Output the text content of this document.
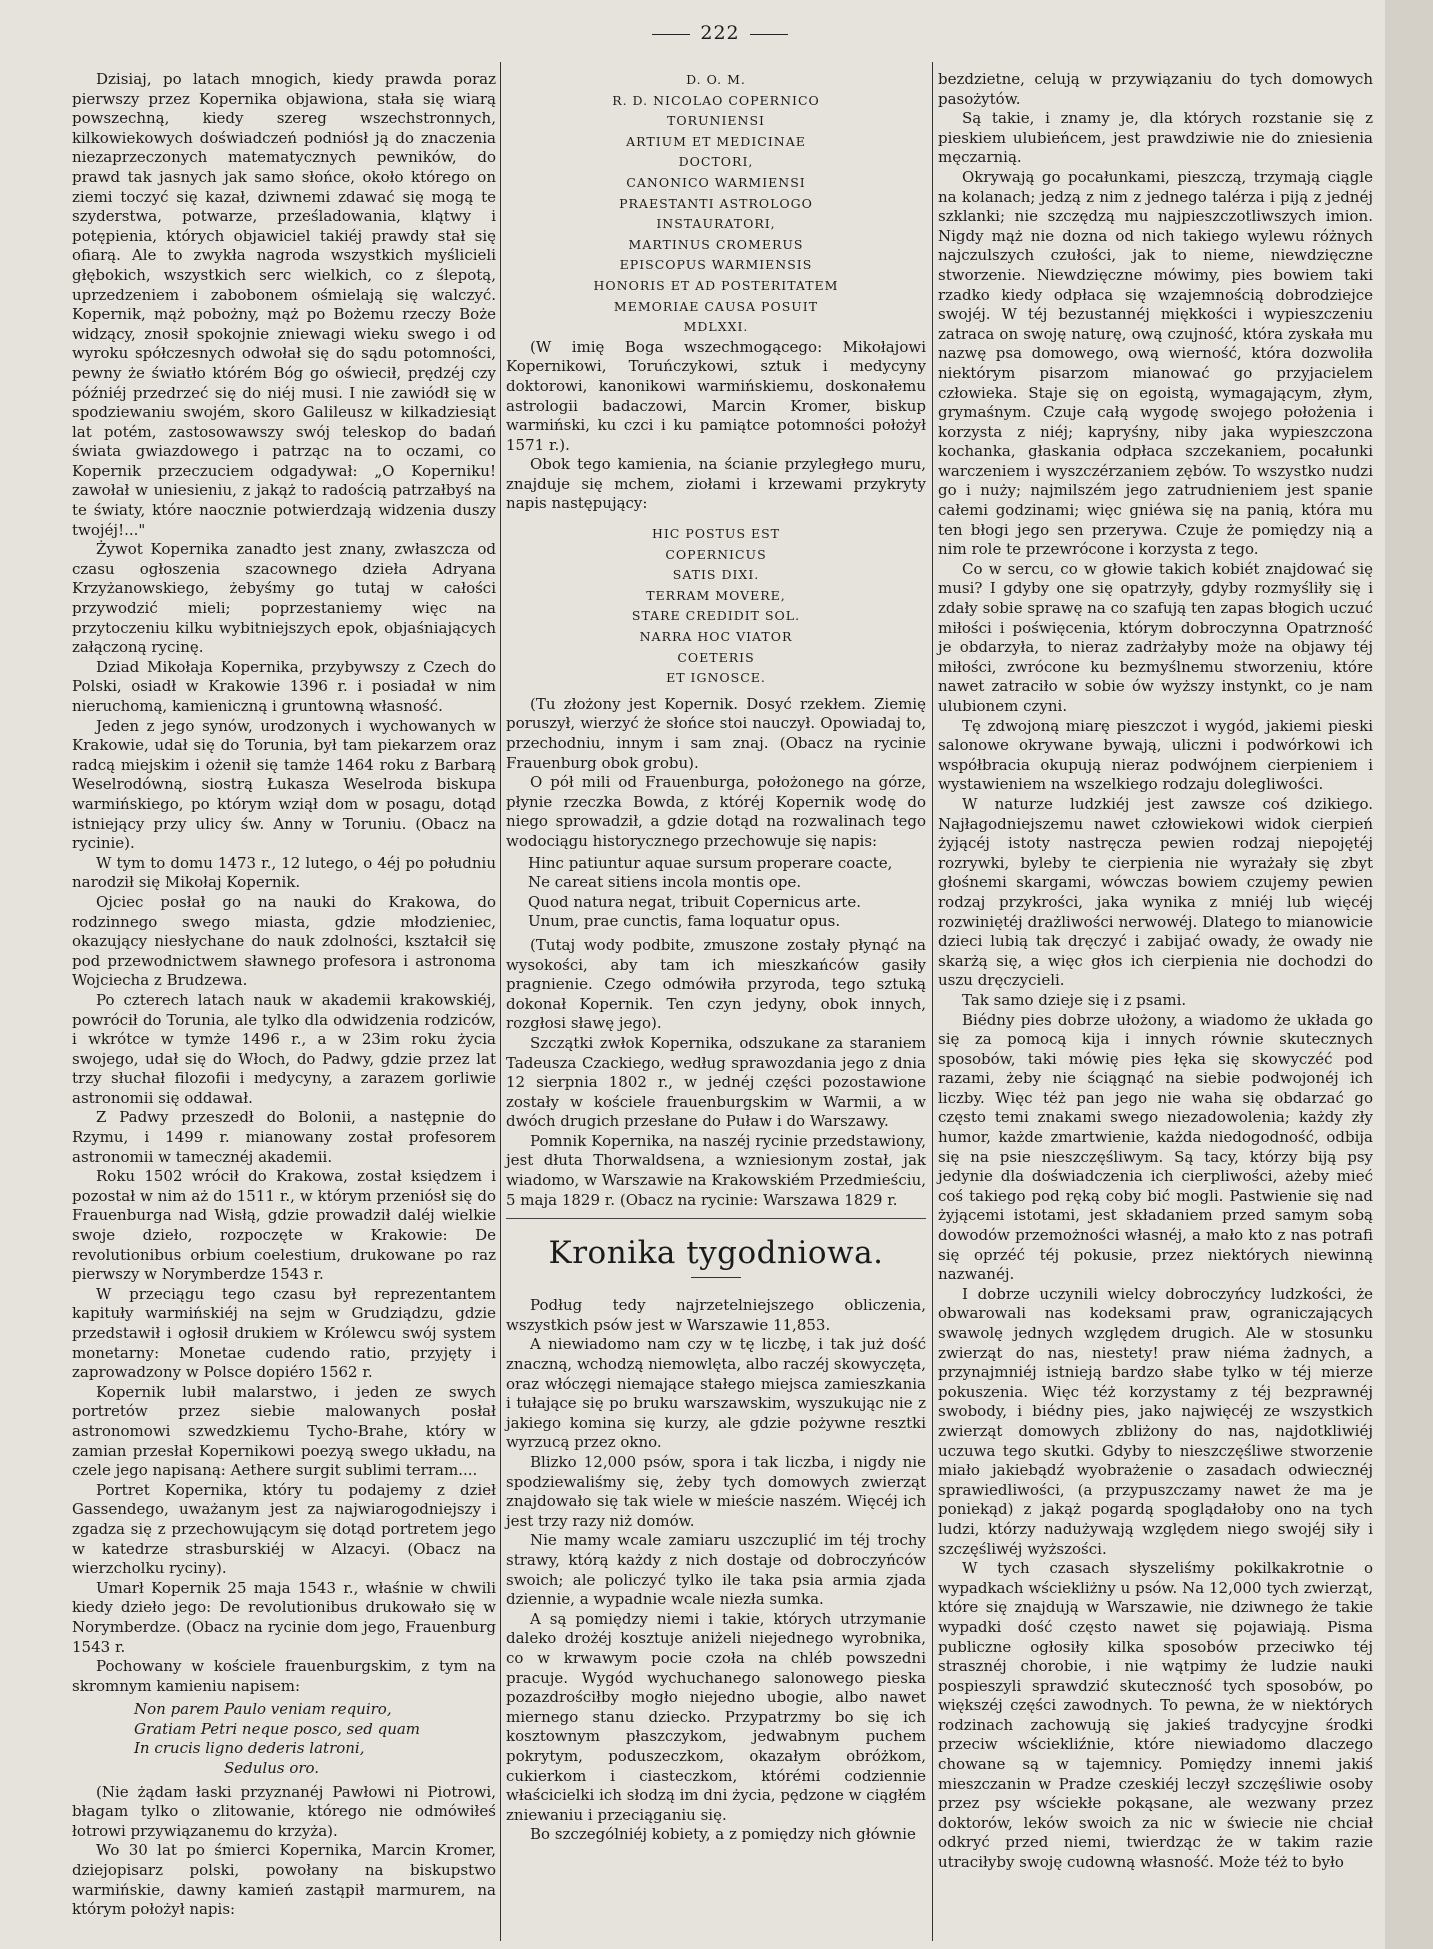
222

Dzisiaj, po latach mnogich, kiedy prawda poraz pierwszy przez Kopernika objawiona, stała się wiarą powszechną, kiedy szereg wszechstronnych, kilkowiekowych doświadczeń podniósł ją do znaczenia niezaprzeczonych matematycznych pewników, do prawd tak jasnych jak samo słońce, około którego on ziemi toczyć się kazał, dziwnemi zdawać się mogą te szyderstwa, potwarze, prześladowania, klątwy i potępienia, których objawiciel takiéj prawdy stał się ofiarą. Ale to zwykła nagroda wszystkich myślicieli głębokich, wszystkich serc wielkich, co z ślepotą, uprzedzeniem i zabobonem ośmielają się walczyć. Kopernik, mąż pobożny, mąż po Bożemu rzeczy Boże widzący, znosił spokojnie zniewagi wieku swego i od wyroku spółczesnych odwołał się do sądu potomności, pewny że światło którém Bóg go oświecił, prędzéj czy późniéj przedrzeć się do niéj musi. I nie zawiódł się w spodziewaniu swojém, skoro Galileusz w kilkadziesiąt lat potém, zastosowawszy swój teleskop do badań świata gwiazdowego i patrząc na to oczami, co Kopernik przeczuciem odgadywał: „O Koperniku! zawołał w uniesieniu, z jakąż to radością patrzałbyś na te światy, które naocznie potwierdzają widzenia duszy twojéj!..."

Żywot Kopernika zanadto jest znany, zwłaszcza od czasu ogłoszenia szacownego dzieła Adryana Krzyżanowskiego, żebyśmy go tutaj w całości przywodzić mieli; poprzestaniemy więc na przytoczeniu kilku wybitniejszych epok, objaśniających załączoną rycinę.

Dziad Mikołaja Kopernika, przybywszy z Czech do Polski, osiadł w Krakowie 1396 r. i posiadał w nim nieruchomą, kamieniczną i gruntowną własność.

Jeden z jego synów, urodzonych i wychowanych w Krakowie, udał się do Torunia, był tam piekarzem oraz radcą miejskim i ożenił się tamże 1464 roku z Barbarą Weselrodówną, siostrą Łukasza Weselroda biskupa warmińskiego, po którym wziął dom w posagu, dotąd istniejący przy ulicy św. Anny w Toruniu. (Obacz na rycinie).

W tym to domu 1473 r., 12 lutego, o 4éj po południu narodził się Mikołaj Kopernik.

Ojciec posłał go na nauki do Krakowa, do rodzinnego swego miasta, gdzie młodzieniec, okazujący niesłychane do nauk zdolności, kształcił się pod przewodnictwem sławnego profesora i astronoma Wojciecha z Brudzewa.

Po czterech latach nauk w akademii krakowskiéj, powrócił do Torunia, ale tylko dla odwidzenia rodziców, i wkrótce w tymże 1496 r., a w 23im roku życia swojego, udał się do Włoch, do Padwy, gdzie przez lat trzy słuchał filozofii i medycyny, a zarazem gorliwie astronomii się oddawał.

Z Padwy przeszedł do Bolonii, a następnie do Rzymu, i 1499 r. mianowany został profesorem astronomii w tamecznéj akademii.

Roku 1502 wrócił do Krakowa, został księdzem i pozostał w nim aż do 1511 r., w którym przeniósł się do Frauenburga nad Wisłą, gdzie prowadził daléj wielkie swoje dzieło, rozpoczęte w Krakowie: De revolutionibus orbium coelestium, drukowane po raz pierwszy w Norymberdze 1543 r.

W przeciągu tego czasu był reprezentantem kapituły warmińskiéj na sejm w Grudziądzu, gdzie przedstawił i ogłosił drukiem w Królewcu swój system monetarny: Monetae cudendo ratio, przyjęty i zaprowadzony w Polsce dopiéro 1562 r.

Kopernik lubił malarstwo, i jeden ze swych portretów przez siebie malowanych posłał astronomowi szwedzkiemu Tycho-Brahe, który w zamian przesłał Kopernikowi poezyą swego układu, na czele jego napisaną: Aethere surgit sublimi terram....

Portret Kopernika, który tu podajemy z dzieł Gassendego, uważanym jest za najwiarogodniejszy i zgadza się z przechowującym się dotąd portretem jego w katedrze strasburskiéj w Alzacyi. (Obacz na wierzcholku ryciny).

Umarł Kopernik 25 maja 1543 r., właśnie w chwili kiedy dzieło jego: De revolutionibus drukowało się w Norymberdze. (Obacz na rycinie dom jego, Frauenburg 1543 r.

Pochowany w kościele frauenburgskim, z tym na skromnym kamieniu napisem:

Non parem Paulo veniam requiro,
Gratiam Petri neque posco, sed quam
In crucis ligno dederis latroni,
Sedulus oro.

(Nie żądam łaski przyznanéj Pawłowi ni Piotrowi, błagam tylko o zlitowanie, którego nie odmówiłeś łotrowi przywiązanemu do krzyża).

Wo 30 lat po śmierci Kopernika, Marcin Kromer, dziejopisarz polski, powołany na biskupstwo warmińskie, dawny kamień zastąpił marmurem, na którym położył napis:

D. O. M.
R. D. NICOLAO COPERNICO
TORUNIENSI
ARTIUM ET MEDICINAE
DOCTORI,
CANONICO WARMIENSI
PRAESTANTI ASTROLOGO
INSTAURATORI,
MARTINUS CROMERUS
EPISCOPUS WARMIENSIS
HONORIS ET AD POSTERITATEM
MEMORIAE CAUSA POSUIT
MDLXXI.

(W imię Boga wszechmogącego: Mikołajowi Kopernikowi, Toruńczykowi, sztuk i medycyny doktorowi, kanonikowi warmińskiemu, doskonałemu astrologii badaczowi, Marcin Kromer, biskup warmiński, ku czci i ku pamiątce potomności położył 1571 r.).

Obok tego kamienia, na ścianie przyległego muru, znajduje się mchem, ziołami i krzewami przykryty napis następujący:

HIC POSTUS EST
COPERNICUS
SATIS DIXI.
TERRAM MOVERE,
STARE CREDIDIT SOL.
NARRA HOC VIATOR
COETERIS
ET IGNOSCE.

(Tu złożony jest Kopernik. Dosyć rzekłem. Ziemię poruszył, wierzyć że słońce stoi nauczył. Opowiadaj to, przechodniu, innym i sam znaj. (Obacz na rycinie Frauenburg obok grobu).

O pół mili od Frauenburga, położonego na górze, płynie rzeczka Bowda, z któréj Kopernik wodę do niego sprowadził, a gdzie dotąd na rozwalinach tego wodociągu historycznego przechowuje się napis:

Hinc patiuntur aquae sursum properare coacte,
Ne careat sitiens incola montis ope.
Quod natura negat, tribuit Copernicus arte.
Unum, prae cunctis, fama loquatur opus.

(Tutaj wody podbite, zmuszone zostały płynąć na wysokości, aby tam ich mieszkańców gasiły pragnienie. Czego odmówiła przyroda, tego sztuką dokonał Kopernik. Ten czyn jedyny, obok innych, rozgłosi sławę jego).

Szczątki zwłok Kopernika, odszukane za staraniem Tadeusza Czackiego, według sprawozdania jego z dnia 12 sierpnia 1802 r., w jednéj części pozostawione zostały w kościele frauenburgskim w Warmii, a w dwóch drugich przesłane do Puław i do Warszawy.

Pomnik Kopernika, na naszéj rycinie przedstawiony, jest dłuta Thorwaldsena, a wzniesionym został, jak wiadomo, w Warszawie na Krakowskiém Przedmieściu, 5 maja 1829 r. (Obacz na rycinie: Warszawa 1829 r.

Kronika tygodniowa.

Podług tedy najrzetelniejszego obliczenia, wszystkich psów jest w Warszawie 11,853.

A niewiadomo nam czy w tę liczbę, i tak już dość znaczną, wchodzą niemowlęta, albo raczéj skowyczęta, oraz włóczęgi niemające stałego miejsca zamieszkania i tułające się po bruku warszawskim, wyszukując nie z jakiego komina się kurzy, ale gdzie pożywne resztki wyrzucą przez okno.

Blizko 12,000 psów, spora i tak liczba, i nigdy nie spodziewaliśmy się, żeby tych domowych zwierząt znajdowało się tak wiele w mieście naszém. Więcéj ich jest trzy razy niż domów.

Nie mamy wcale zamiaru uszczuplić im téj trochy strawy, którą każdy z nich dostaje od dobroczyńców swoich; ale policzyć tylko ile taka psia armia zjada dziennie, a wypadnie wcale niezła sumka.

A są pomiędzy niemi i takie, których utrzymanie daleko drożéj kosztuje aniżeli niejednego wyrobnika, co w krwawym pocie czoła na chléb powszedni pracuje. Wygód wychuchanego salonowego pieska pozazdrościłby mogło niejedno ubogie, albo nawet miernego stanu dziecko. Przypatrzmy bo się ich kosztownym płaszczykom, jedwabnym puchem pokrytym, poduszeczkom, okazałym obróżkom, cukierkom i ciasteczkom, którémi codziennie właścicielki ich słodzą im dni życia, pędzone w ciągłém zniewaniu i przeciąganiu się.

Bo szczególniéj kobiety, a z pomiędzy nich głównie

bezdzietne, celują w przywiązaniu do tych domowych pasożytów.

Są takie, i znamy je, dla których rozstanie się z pieskiem ulubieńcem, jest prawdziwie nie do zniesienia męczarnią.

Okrywają go pocałunkami, pieszczą, trzymają ciągle na kolanach; jedzą z nim z jednego talérza i piją z jednéj szklanki; nie szczędzą mu najpieszczotliwszych imion. Nigdy mąż nie dozna od nich takiego wylewu różnych najczulszych czułości, jak to nieme, niewdzięczne stworzenie. Niewdzięczne mówimy, pies bowiem taki rzadko kiedy odpłaca się wzajemnością dobrodziejce swojéj. W téj bezustannéj miękkości i wypieszczeniu zatraca on swoję naturę, ową czujność, która zyskała mu nazwę psa domowego, ową wierność, która dozwoliła niektórym pisarzom mianować go przyjacielem człowieka. Staje się on egoistą, wymagającym, złym, grymaśnym. Czuje całą wygodę swojego położenia i korzysta z niéj; kapryśny, niby jaka wypieszczona kochanka, głaskania odpłaca szczekaniem, pocałunki warczeniem i wyszczérzaniem zębów. To wszystko nudzi go i nuży; najmilszém jego zatrudnieniem jest spanie całemi godzinami; więc gniéwa się na panią, która mu ten błogi jego sen przerywa. Czuje że pomiędzy nią a nim role te przewrócone i korzysta z tego.

Co w sercu, co w głowie takich kobiét znajdować się musi? I gdyby one się opatrzyły, gdyby rozmyśliły się i zdały sobie sprawę na co szafują ten zapas błogich uczuć miłości i poświęcenia, którym dobroczynna Opatrzność je obdarzyła, to nieraz zadrżałyby może na objawy téj miłości, zwrócone ku bezmyślnemu stworzeniu, które nawet zatraciło w sobie ów wyższy instynkt, co je nam ulubionem czyni.

Tę zdwojoną miarę pieszczot i wygód, jakiemi pieski salonowe okrywane bywają, uliczni i podwórkowi ich współbracia okupują nieraz podwójnem cierpieniem i wystawieniem na wszelkiego rodzaju dolegliwości.

W naturze ludzkiéj jest zawsze coś dzikiego. Najłagodniejszemu nawet człowiekowi widok cierpień żyjącéj istoty nastręcza pewien rodzaj niepojętéj rozrywki, byleby te cierpienia nie wyrażały się zbyt głośnemi skargami, wówczas bowiem czujemy pewien rodzaj przykrości, jaka wynika z mniéj lub więcéj rozwiniętéj drażliwości nerwowéj. Dlatego to mianowicie dzieci lubią tak dręczyć i zabijać owady, że owady nie skarżą się, a więc głos ich cierpienia nie dochodzi do uszu dręczycieli.

Tak samo dzieje się i z psami.

Biédny pies dobrze ułożony, a wiadomo że układa go się za pomocą kija i innych równie skutecznych sposobów, taki mówię pies łęka się skowyczéć pod razami, żeby nie ściągnąć na siebie podwojonéj ich liczby. Więc téż pan jego nie waha się obdarzać go często temi znakami swego niezadowolenia; każdy zły humor, każde zmartwienie, każda niedogodność, odbija się na psie nieszczęśliwym. Są tacy, którzy biją psy jedynie dla doświadczenia ich cierpliwości, ażeby mieć coś takiego pod ręką coby bić mogli. Pastwienie się nad żyjącemi istotami, jest składaniem przed samym sobą dowodów przemożności własnéj, a mało kto z nas potrafi się oprzéć téj pokusie, przez niektórych niewinną nazwanéj.

I dobrze uczynili wielcy dobroczyńcy ludzkości, że obwarowali nas kodeksami praw, ograniczających swawolę jednych względem drugich. Ale w stosunku zwierząt do nas, niestety! praw niéma żadnych, a przynajmniéj istnieją bardzo słabe tylko w téj mierze pokuszenia. Więc téż korzystamy z téj bezprawnéj swobody, i biédny pies, jako najwięcéj ze wszystkich zwierząt domowych zbliżony do nas, najdotkliwiéj uczuwa tego skutki. Gdyby to nieszczęśliwe stworzenie miało jakiebądź wyobrażenie o zasadach odwiecznéj sprawiedliwości, (a przypuszczamy nawet że ma je poniekąd) z jakąż pogardą spoglądałoby ono na tych ludzi, którzy nadużywają względem niego swojéj siły i szczęśliwéj wyższości.

W tych czasach słyszeliśmy pokilkakrotnie o wypadkach wściekliżny u psów. Na 12,000 tych zwierząt, które się znajdują w Warszawie, nie dziwnego że takie wypadki dość często nawet się pojawiają. Pisma publiczne ogłosiły kilka sposobów przeciwko téj strasznéj chorobie, i nie wątpimy że ludzie nauki pospieszyli sprawdzić skuteczność tych sposobów, po większéj części zawodnych. To pewna, że w niektórych rodzinach zachowują się jakieś tradycyjne środki przeciw wściekliźnie, które niewiadomo dlaczego chowane są w tajemnicy. Pomiędzy innemi jakiś mieszczanin w Pradze czeskiéj leczył szczęśliwie osoby przez psy wściekłe pokąsane, ale wezwany przez doktorów, leków swoich za nic w świecie nie chciał odkryć przed niemi, twierdząc że w takim razie utraciłyby swoję cudowną własność. Może téż to było
